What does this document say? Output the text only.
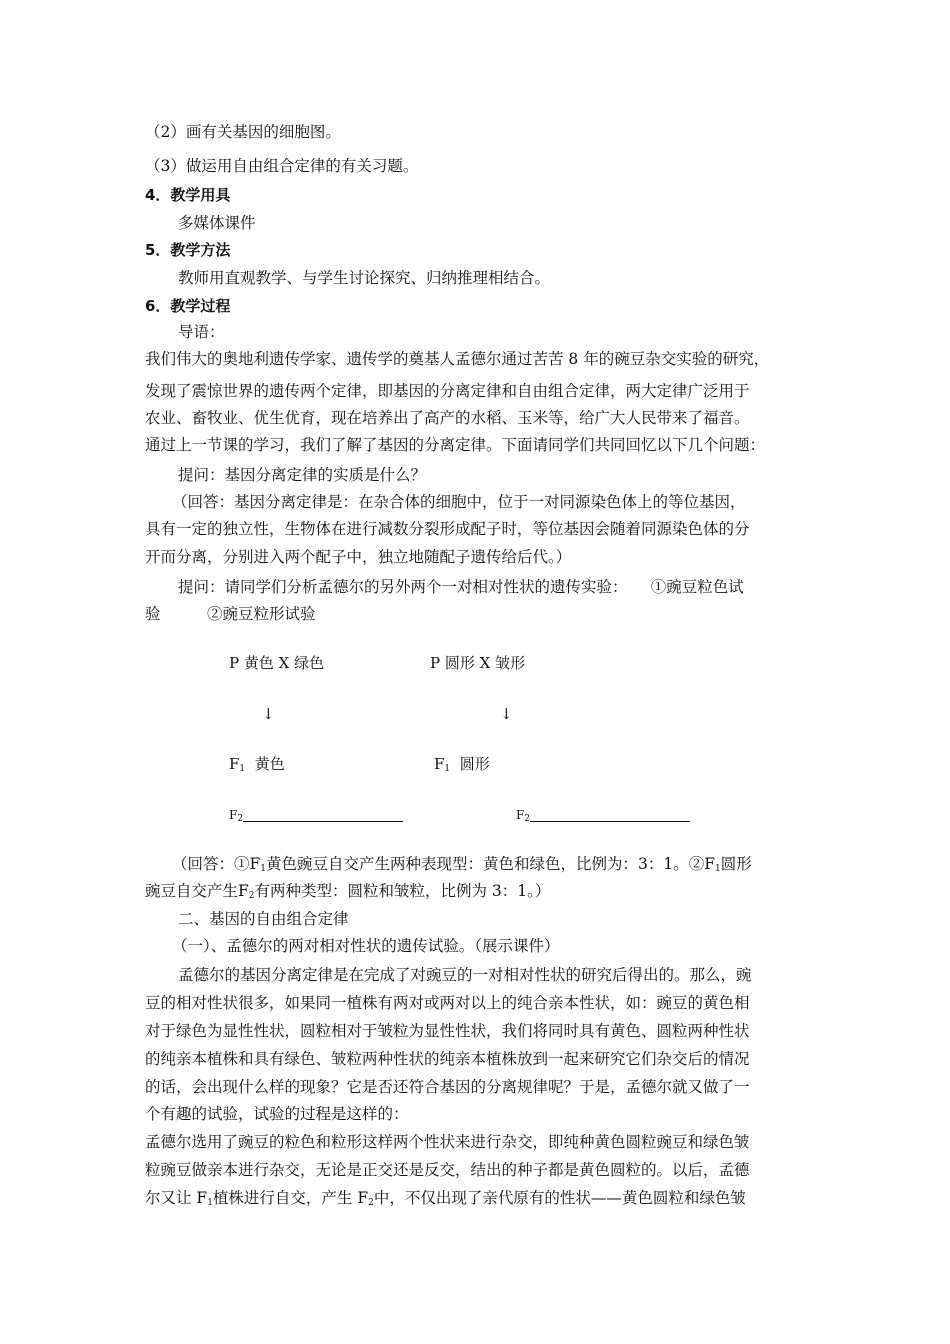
（2）画有关基因的细胞图。
（3）做运用自由组合定律的有关习题。
4．教学用具
多媒体课件
5．教学方法
教师用直观教学、与学生讨论探究、归纳推理相结合。
6．教学过程
导语：
我们伟大的奥地利遗传学家、遗传学的奠基人孟德尔通过苦苦 8 年的碗豆杂交实验的研究，
发现了震惊世界的遗传两个定律，即基因的分离定律和自由组合定律，两大定律广泛用于
农业、畜牧业、优生优育，现在培养出了高产的水稻、玉米等，给广大人民带来了福音。
通过上一节课的学习，我们了解了基因的分离定律。下面请同学们共同回忆以下几个问题：
提问：基因分离定律的实质是什么？
（回答：基因分离定律是：在杂合体的细胞中，位于一对同源染色体上的等位基因，
具有一定的独立性，生物体在进行减数分裂形成配子时，等位基因会随着同源染色体的分
开而分离，分别进入两个配子中，独立地随配子遗传给后代。）
提问：请同学们分析孟德尔的另外两个一对相对性状的遗传实验：　　①豌豆粒色试
验　　　②豌豆粒形试验
P 黄色 X 绿色
↓
$F_1$ 黄色
$F_2$
P 圆形 X 皱形
↓
$F_1$ 圆形
$F_2$
（回答：$①F_1$黄色豌豆自交产生两种表现型：黄色和绿色，比例为：3：1。$②F_1$圆形
豌豆自交产生$F_2$有两种类型：圆粒和皱粒，比例为 3：1。）
二、基因的自由组合定律
（一）、孟德尔的两对相对性状的遗传试验。（展示课件）
孟德尔的基因分离定律是在完成了对豌豆的一对相对性状的研究后得出的。那么，豌
豆的相对性状很多，如果同一植株有两对或两对以上的纯合亲本性状，如：豌豆的黄色相
对于绿色为显性性状，圆粒相对于皱粒为显性性状，我们将同时具有黄色、圆粒两种性状
的纯亲本植株和具有绿色、皱粒两种性状的纯亲本植株放到一起来研究它们杂交后的情况
的话，会出现什么样的现象？它是否还符合基因的分离规律呢？于是，孟德尔就又做了一
个有趣的试验，试验的过程是这样的：
孟德尔选用了豌豆的粒色和粒形这样两个性状来进行杂交，即纯种黄色圆粒豌豆和绿色皱
粒豌豆做亲本进行杂交，无论是正交还是反交，结出的种子都是黄色圆粒的。以后，孟德
尔又让 $F_1$植株进行自交，产生 $F_2$中，不仅出现了亲代原有的性状——黄色圆粒和绿色皱
